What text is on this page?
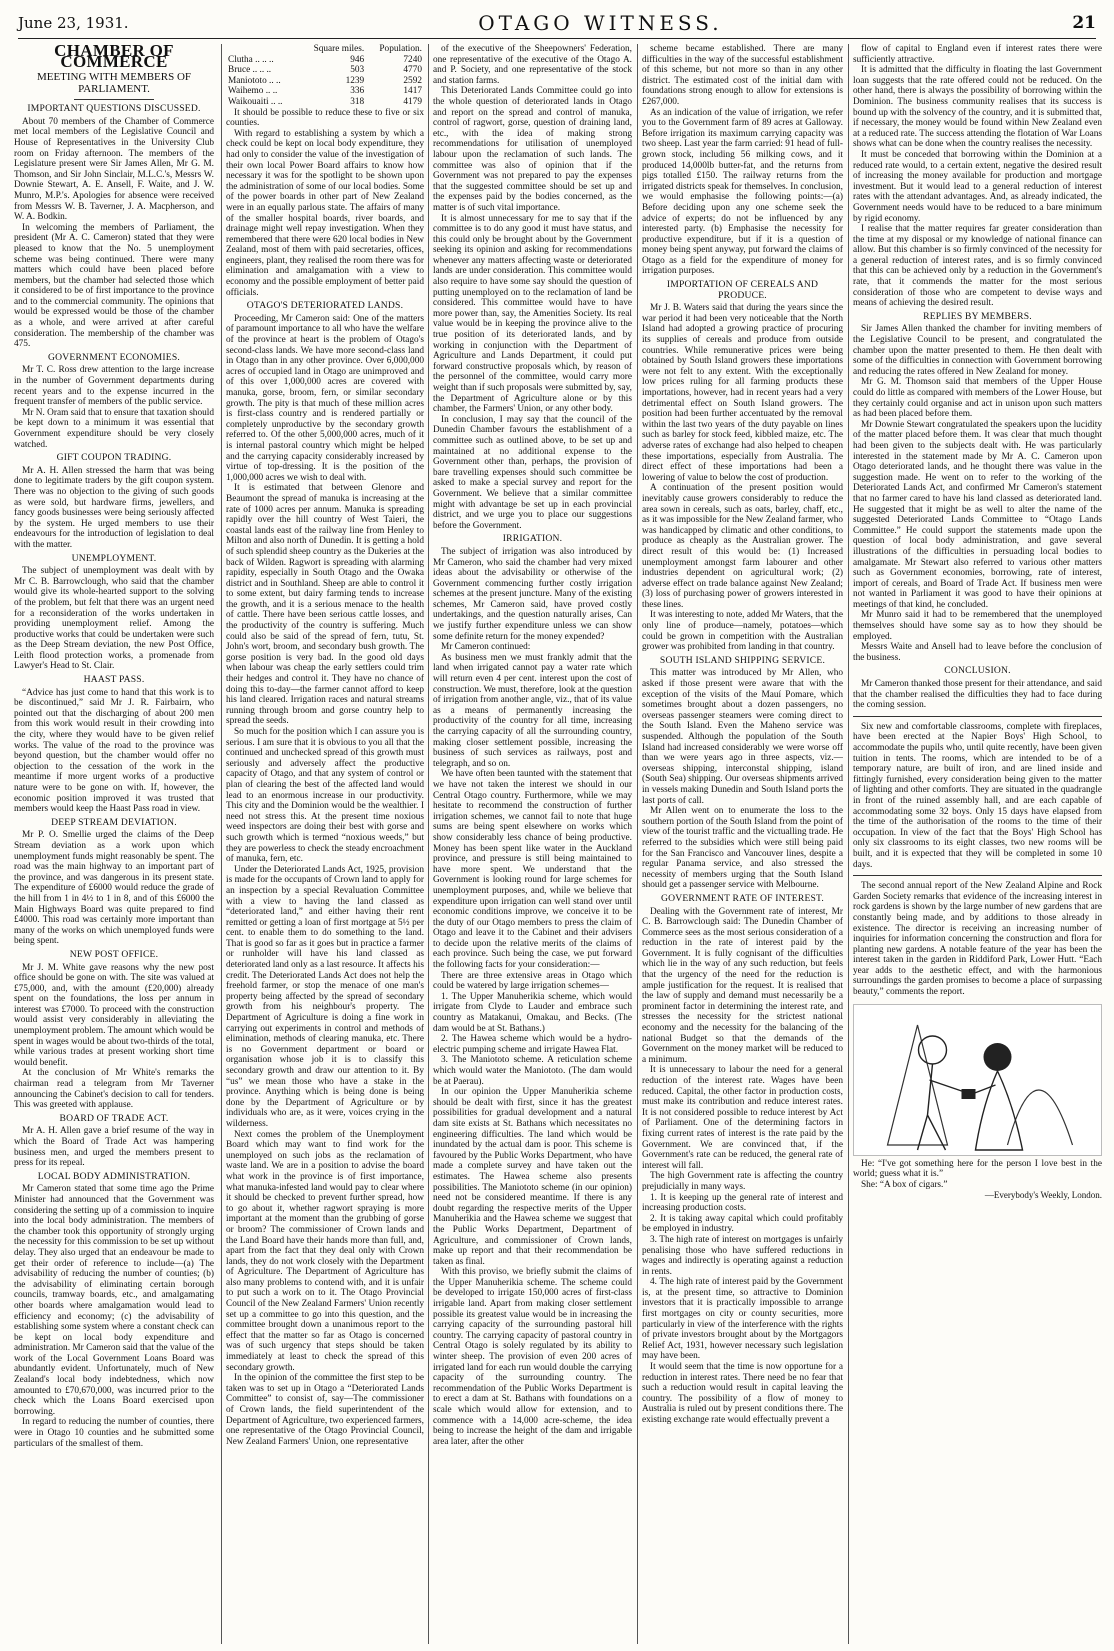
June 23, 1931.	OTAGO WITNESS.	21
CHAMBER OF COMMERCE
MEETING WITH MEMBERS OF PARLIAMENT.
IMPORTANT QUESTIONS DISCUSSED.

About 70 members of the Chamber of Commerce met local members of the Legislative Council and House of Representatives in the University Club room on Friday afternoon. The members of the Legislature present were Sir James Allen, Mr G. M. Thomson, and Sir John Sinclair, M.L.C.'s, Messrs W. Downie Stewart, A. E. Ansell, F. Waite, and J. W. Munro, M.P.'s. Apologies for absence were received from Messrs W. B. Taverner, J. A. Macpherson, and W. A. Bodkin.

In welcoming the members of Parliament, the president (Mr A. C. Cameron) stated that they were pleased to know that the No. 5 unemployment scheme was being continued. There were many matters which could have been placed before members, but the chamber had selected those which it considered to be of first importance to the province and to the commercial community. The opinions that would be expressed would be those of the chamber as a whole, and were arrived at after careful consideration. The membership of the chamber was 475.

GOVERNMENT ECONOMIES.

Mr T. C. Ross drew attention to the large increase in the number of Government departments during recent years and to the expense incurred in the frequent transfer of members of the public service.

Mr N. Oram said that to ensure that taxation should be kept down to a minimum it was essential that Government expenditure should be very closely watched.

GIFT COUPON TRADING.

Mr A. H. Allen stressed the harm that was being done to legitimate traders by the gift coupon system. There was no objection to the giving of such goods as were sold, but hardware firms, jewellers, and fancy goods businesses were being seriously affected by the system. He urged members to use their endeavours for the introduction of legislation to deal with the matter.

UNEMPLOYMENT.

The subject of unemployment was dealt with by Mr C. B. Barrowclough, who said that the chamber would give its whole-hearted support to the solving of the problem, but felt that there was an urgent need for a reconsideration of the works undertaken in providing unemployment relief. Among the productive works that could be undertaken were such as the Deep Stream deviation, the new Post Office, Leith flood protection works, a promenade from Lawyer's Head to St. Clair.

HAAST PASS.

“Advice has just come to hand that this work is to be discontinued,” said Mr J. R. Fairbairn, who pointed out that the discharging of about 200 men from this work would result in their crowding into the city, where they would have to be given relief works. The value of the road to the province was beyond question, but the chamber would offer no objection to the cessation of the work in the meantime if more urgent works of a productive nature were to be gone on with. If, however, the economic position improved it was trusted that members would keep the Haast Pass road in view.

DEEP STREAM DEVIATION.

Mr P. O. Smellie urged the claims of the Deep Stream deviation as a work upon which unemployment funds might reasonably be spent. The road was the main highway to an important part of the province, and was dangerous in its present state. The expenditure of £6000 would reduce the grade of the hill from 1 in 4½ to 1 in 8, and of this £6000 the Main Highways Board was quite prepared to find £4000. This road was certainly more important than many of the works on which unemployed funds were being spent.

NEW POST OFFICE.

Mr J. M. White gave reasons why the new post office should be gone on with. The site was valued at £75,000, and, with the amount (£20,000) already spent on the foundations, the loss per annum in interest was £7000. To proceed with the construction would assist very considerably in alleviating the unemployment problem. The amount which would be spent in wages would be about two-thirds of the total, while various trades at present working short time would benefit.

At the conclusion of Mr White's remarks the chairman read a telegram from Mr Taverner announcing the Cabinet's decision to call for tenders. This was greeted with applause.

BOARD OF TRADE ACT.

Mr A. H. Allen gave a brief resume of the way in which the Board of Trade Act was hampering business men, and urged the members present to press for its repeal.

LOCAL BODY ADMINISTRATION.

Mr Cameron stated that some time ago the Prime Minister had announced that the Government was considering the setting up of a commission to inquire into the local body administration. The members of the chamber took this opportunity of strongly urging the necessity for this commission to be set up without delay. They also urged that an endeavour be made to get their order of reference to include—(a) The advisability of reducing the number of counties; (b) the advisability of eliminating certain borough councils, tramway boards, etc., and amalgamating other boards where amalgamation would lead to efficiency and economy; (c) the advisability of establishing some system where a constant check can be kept on local body expenditure and administration. Mr Cameron said that the value of the work of the Local Government Loans Board was abundantly evident. Unfortunately, much of New Zealand's local body indebtedness, which now amounted to £70,670,000, was incurred prior to the check which the Loans Board exercised upon borrowing.

In regard to reducing the number of counties, there were in Otago 10 counties and he submitted some particulars of the smallest of them.

	Square miles.	Population.
Clutha .. .. ..	946	7240
Bruce .. .. ..	503	4770
Maniototo .. ..	1239	2592
Waihemo .. ..	336	1417
Waikouaiti .. ..	318	4179

It should be possible to reduce these to five or six counties.

With regard to establishing a system by which a check could be kept on local body expenditure, they had only to consider the value of the investigation of their own local Power Board affairs to know how necessary it was for the spotlight to be shown upon the administration of some of our local bodies. Some of the power boards in other part of New Zealand were in an equally parlous state. The affairs of many of the smaller hospital boards, river boards, and drainage might well repay investigation. When they remembered that there were 620 local bodies in New Zealand, most of them with paid secretaries, offices, engineers, plant, they realised the room there was for elimination and amalgamation with a view to economy and the possible employment of better paid officials.

OTAGO'S DETERIORATED LANDS.

Proceeding, Mr Cameron said: One of the matters of paramount importance to all who have the welfare of the province at heart is the problem of Otago's second-class lands. We have more second-class land in Otago than in any other province. Over 6,000,000 acres of occupied land in Otago are unimproved and of this over 1,000,000 acres are covered with manuka, gorse, broom, fern, or similar secondary growth. The pity is that much of these million acres is first-class country and is rendered partially or completely unproductive by the secondary growth referred to. Of the other 5,000,000 acres, much of it is internal pastoral country which might be helped and the carrying capacity considerably increased by virtue of top-dressing. It is the position of the 1,000,000 acres we wish to deal with.

It is estimated that between Glenore and Beaumont the spread of manuka is increasing at the rate of 1000 acres per annum. Manuka is spreading rapidly over the hill country of West Taieri, the coastal lands east of the railway line from Henley to Milton and also north of Dunedin. It is getting a hold of such splendid sheep country as the Dukeries at the back of Wilden. Ragwort is spreading with alarming rapidity, especially in South Otago and the Owaka district and in Southland. Sheep are able to control it to some extent, but dairy farming tends to increase the growth, and it is a serious menace to the health of cattle. There have been serious cattle losses, and the productivity of the country is suffering. Much could also be said of the spread of fern, tutu, St. John's wort, broom, and secondary bush growth. The gorse position is very bad. In the good old days when labour was cheap the early settlers could trim their hedges and control it. They have no chance of doing this to-day—the farmer cannot afford to keep his land cleared. Irrigation races and natural streams running through broom and gorse country help to spread the seeds.

So much for the position which I can assure you is serious. I am sure that it is obvious to you all that the continued and unchecked spread of this growth must seriously and adversely affect the productive capacity of Otago, and that any system of control or plan of clearing the best of the affected land would lead to an enormous increase in our productivity. This city and the Dominion would be the wealthier. I need not stress this. At the present time noxious weed inspectors are doing their best with gorse and such growth which is termed “noxious weeds,” but they are powerless to check the steady encroachment of manuka, fern, etc.

Under the Deteriorated Lands Act, 1925, provision is made for the occupants of Crown land to apply for an inspection by a special Revaluation Committee with a view to having the land classed as “deteriorated land,” and either having their rent remitted or getting a loan of first mortgage at 5½ per cent. to enable them to do something to the land. That is good so far as it goes but in practice a farmer or runholder will have his land classed as deteriorated land only as a last resource. It affects his credit. The Deteriorated Lands Act does not help the freehold farmer, or stop the menace of one man's property being affected by the spread of secondary growth from his neighbour's property. The Department of Agriculture is doing a fine work in carrying out experiments in control and methods of elimination, methods of clearing manuka, etc. There is no Government department or board or organisation whose job it is to classify this secondary growth and draw our attention to it. By “us” we mean those who have a stake in the province. Anything which is being done is being done by the Department of Agriculture or by individuals who are, as it were, voices crying in the wilderness.

Next comes the problem of the Unemployment Board which may want to find work for the unemployed on such jobs as the reclamation of waste land. We are in a position to advise the board what work in the province is of first importance, what manuka-infested land would pay to clear where it should be checked to prevent further spread, how to go about it, whether ragwort spraying is more important at the moment than the grubbing of gorse or broom? The commissioner of Crown lands and the Land Board have their hands more than full, and, apart from the fact that they deal only with Crown lands, they do not work closely with the Department of Agriculture. The Department of Agriculture has also many problems to contend with, and it is unfair to put such a work on to it. The Otago Provincial Council of the New Zealand Farmers' Union recently set up a committee to go into this question, and the committee brought down a unanimous report to the effect that the matter so far as Otago is concerned was of such urgency that steps should be taken immediately at least to check the spread of this secondary growth.

In the opinion of the committee the first step to be taken was to set up in Otago a “Deteriorated Lands Committee” to consist of, say—The commissioner of Crown lands, the field superintendent of the Department of Agriculture, two experienced farmers, one representative of the Otago Provincial Council, New Zealand Farmers' Union, one representative

of the executive of the Sheepowners' Federation, one representative of the executive of the Otago A. and P. Society, and one representative of the stock and station farms.

This Deteriorated Lands Committee could go into the whole question of deteriorated lands in Otago and report on the spread and control of manuka, control of ragwort, gorse, question of draining land, etc., with the idea of making strong recommendations for utilisation of unemployed labour upon the reclamation of such lands. The committee was also of opinion that if the Government was not prepared to pay the expenses that the suggested committee should be set up and the expenses paid by the bodies concerned, as the matter is of such vital importance.

It is almost unnecessary for me to say that if the committee is to do any good it must have status, and this could only be brought about by the Government seeking its opinion and asking for recommendations whenever any matters affecting waste or deteriorated lands are under consideration. This committee would also require to have some say should the question of putting unemployed on to the reclamation of land be considered. This committee would have to have more power than, say, the Amenities Society. Its real value would be in keeping the province alive to the true position of its deteriorated lands, and by working in conjunction with the Department of Agriculture and Lands Department, it could put forward constructive proposals which, by reason of the personnel of the committee, would carry more weight than if such proposals were submitted by, say, the Department of Agriculture alone or by this chamber, the Farmers' Union, or any other body.

In conclusion, I may say that the council of the Dunedin Chamber favours the establishment of a committee such as outlined above, to be set up and maintained at no additional expense to the Government other than, perhaps, the provision of bare travelling expenses should such committee be asked to make a special survey and report for the Government. We believe that a similar committee might with advantage be set up in each provincial district, and we urge you to place our suggestions before the Government.

IRRIGATION.

The subject of irrigation was also introduced by Mr Cameron, who said the chamber had very mixed ideas about the advisability or otherwise of the Government commencing further costly irrigation schemes at the present juncture. Many of the existing schemes, Mr Cameron said, have proved costly undertakings, and the question naturally arises, Can we justify further expenditure unless we can show some definite return for the money expended?

Mr Cameron continued:

As business men we must frankly admit that the land when irrigated cannot pay a water rate which will return even 4 per cent. interest upon the cost of construction. We must, therefore, look at the question of irrigation from another angle, viz., that of its value as a means of permanently increasing the productivity of the country for all time, increasing the carrying capacity of all the surrounding country, making closer settlement possible, increasing the business of such services as railways, post and telegraph, and so on.

We have often been taunted with the statement that we have not taken the interest we should in our Central Otago country. Furthermore, while we may hesitate to recommend the construction of further irrigation schemes, we cannot fail to note that huge sums are being spent elsewhere on works which show considerably less chance of being productive. Money has been spent like water in the Auckland province, and pressure is still being maintained to have more spent. We understand that the Government is looking round for large schemes for unemployment purposes, and, while we believe that expenditure upon irrigation can well stand over until economic conditions improve, we conceive it to be the duty of our Otago members to press the claim of Otago and leave it to the Cabinet and their advisers to decide upon the relative merits of the claims of each province. Such being the case, we put forward the following facts for your consideration:—

There are three extensive areas in Otago which could be watered by large irrigation schemes—

1. The Upper Manuherikia scheme, which would irrigate from Clyde to Lauder and embrace such country as Matakanui, Omakau, and Becks. (The dam would be at St. Bathans.)

2. The Hawea scheme which would be a hydro-electric pumping scheme and irrigate Hawea Flat.

3. The Maniototo scheme. A reticulation scheme which would water the Maniototo. (The dam would be at Paerau).

In our opinion the Upper Manuherikia scheme should be dealt with first, since it has the greatest possibilities for gradual development and a natural dam site exists at St. Bathans which necessitates no engineering difficulties. The land which would be inundated by the actual dam is poor. This scheme is favoured by the Public Works Department, who have made a complete survey and have taken out the estimates. The Hawea scheme also presents possibilities. The Maniototo scheme (in our opinion) need not be considered meantime. If there is any doubt regarding the respective merits of the Upper Manuherikia and the Hawea scheme we suggest that the Public Works Department, Department of Agriculture, and commissioner of Crown lands, make up report and that their recommendation be taken as final.

With this proviso, we briefly submit the claims of the Upper Manuherikia scheme. The scheme could be developed to irrigate 150,000 acres of first-class irrigable land. Apart from making closer settlement possible its greatest value would be in increasing the carrying capacity of the surrounding pastoral hill country. The carrying capacity of pastoral country in Central Otago is solely regulated by its ability to winter sheep. The provision of even 200 acres of irrigated land for each run would double the carrying capacity of the surrounding country. The recommendation of the Public Works Department is to erect a dam at St. Bathans with foundations on a scale which would allow for extension, and to commence with a 14,000 acre-scheme, the idea being to increase the height of the dam and irrigable area later, after the other

scheme became established. There are many difficulties in the way of the successful establishment of this scheme, but not more so than in any other district. The estimated cost of the initial dam with foundations strong enough to allow for extensions is £267,000.

As an indication of the value of irrigation, we refer you to the Government farm of 89 acres at Galloway. Before irrigation its maximum carrying capacity was two sheep. Last year the farm carried: 91 head of full-grown stock, including 56 milking cows, and it produced 14,000lb butter-fat, and the returns from pigs totalled £150. The railway returns from the irrigated districts speak for themselves. In conclusion, we would emphasise the following points:—(a) Before deciding upon any one scheme seek the advice of experts; do not be influenced by any interested party. (b) Emphasise the necessity for productive expenditure, but if it is a question of money being spent anyway, put forward the claims of Otago as a field for the expenditure of money for irrigation purposes.

IMPORTATION OF CEREALS AND PRODUCE.

Mr J. B. Waters said that during the years since the war period it had been very noticeable that the North Island had adopted a growing practice of procuring its supplies of cereals and produce from outside countries. While remunerative prices were being obtained by South Island growers these importations were not felt to any extent. With the exceptionally low prices ruling for all farming products these importations, however, had in recent years had a very detrimental effect on South Island growers. The position had been further accentuated by the removal within the last two years of the duty payable on lines such as barley for stock feed, kibbled maize, etc. The adverse rates of exchange had also helped to cheapen these importations, especially from Australia. The direct effect of these importations had been a lowering of value to below the cost of production.

A continuation of the present position would inevitably cause growers considerably to reduce the area sown in cereals, such as oats, barley, chaff, etc., as it was impossible for the New Zealand farmer, who was handicapped by climatic and other conditions, to produce as cheaply as the Australian grower. The direct result of this would be: (1) Increased unemployment amongst farm labourer and other industries dependent on agricultural work; (2) adverse effect on trade balance against New Zealand; (3) loss of purchasing power of growers interested in these lines.

It was interesting to note, added Mr Waters, that the only line of produce—namely, potatoes—which could be grown in competition with the Australian grower was prohibited from landing in that country.

SOUTH ISLAND SHIPPING SERVICE.

This matter was introduced by Mr Allen, who asked if those present were aware that with the exception of the visits of the Mauí Pomare, which sometimes brought about a dozen passengers, no overseas passenger steamers were coming direct to the South Island. Even the Maheno service was suspended. Although the population of the South Island had increased considerably we were worse off than we were years ago in three aspects, viz.—overseas shipping, interconstal shipping, island (South Sea) shipping. Our overseas shipments arrived in vessels making Dunedin and South Island ports the last ports of call.

Mr Allen went on to enumerate the loss to the southern portion of the South Island from the point of view of the tourist traffic and the victualling trade. He referred to the subsidies which were still being paid for the San Francisco and Vancouver lines, despite a regular Panama service, and also stressed the necessity of members urging that the South Island should get a passenger service with Melbourne.

GOVERNMENT RATE OF INTEREST.

Dealing with the Government rate of interest, Mr C. B. Barrowclough said: The Dunedin Chamber of Commerce sees as the most serious consideration of a reduction in the rate of interest paid by the Government. It is fully cognisant of the difficulties which lie in the way of any such reduction, but feels that the urgency of the need for the reduction is ample justification for the request. It is realised that the law of supply and demand must necessarily be a prominent factor in determining the interest rate, and stresses the necessity for the strictest national economy and the necessity for the balancing of the national Budget so that the demands of the Government on the money market will be reduced to a minimum.

It is unnecessary to labour the need for a general reduction of the interest rate. Wages have been reduced. Capital, the other factor in production costs, must make its contribution and reduce interest rates. It is not considered possible to reduce interest by Act of Parliament. One of the determining factors in fixing current rates of interest is the rate paid by the Government. We are convinced that, if the Government's rate can be reduced, the general rate of interest will fall.

The high Government rate is affecting the country prejudicially in many ways.

1. It is keeping up the general rate of interest and increasing production costs.

2. It is taking away capital which could profitably be employed in industry.

3. The high rate of interest on mortgages is unfairly penalising those who have suffered reductions in wages and indirectly is operating against a reduction in rents.

4. The high rate of interest paid by the Government is, at the present time, so attractive to Dominion investors that it is practically impossible to arrange first mortgages on city or county securities, more particularly in view of the interference with the rights of private investors brought about by the Mortgagors Relief Act, 1931, however necessary such legislation may have been.

It would seem that the time is now opportune for a reduction in interest rates. There need be no fear that such a reduction would result in capital leaving the country. The possibility of a flow of money to Australia is ruled out by present conditions there. The existing exchange rate would effectually prevent a

flow of capital to England even if interest rates there were sufficiently attractive.

It is admitted that the difficulty in floating the last Government loan suggests that the rate offered could not be reduced. On the other hand, there is always the possibility of borrowing within the Dominion. The business community realises that its success is bound up with the solvency of the country, and it is submitted that, if necessary, the money would be found within New Zealand even at a reduced rate. The success attending the flotation of War Loans shows what can be done when the country realises the necessity.

It must be conceded that borrowing within the Dominion at a reduced rate would, to a certain extent, negative the desired result of increasing the money available for production and mortgage investment. But it would lead to a general reduction of interest rates with the attendant advantages. And, as already indicated, the Government needs would have to be reduced to a bare minimum by rigid economy.

I realise that the matter requires far greater consideration than the time at my disposal or my knowledge of national finance can allow. But this chamber is so firmly convinced of the necessity for a general reduction of interest rates, and is so firmly convinced that this can be achieved only by a reduction in the Government's rate, that it commends the matter for the most serious consideration of those who are competent to devise ways and means of achieving the desired result.

REPLIES BY MEMBERS.

Sir James Allen thanked the chamber for inviting members of the Legislative Council to be present, and congratulated the chamber upon the matter presented to them. He then dealt with some of the difficulties in connection with Government borrowing and reducing the rates offered in New Zealand for money.

Mr G. M. Thomson said that members of the Upper House could do little as compared with members of the Lower House, but they certainly could organise and act in unison upon such matters as had been placed before them.

Mr Downie Stewart congratulated the speakers upon the lucidity of the matter placed before them. It was clear that much thought had been given to the subjects dealt with. He was particularly interested in the statement made by Mr A. C. Cameron upon Otago deteriorated lands, and he thought there was value in the suggestion made. He went on to refer to the working of the Deteriorated Lands Act, and confirmed Mr Cameron's statement that no farmer cared to have his land classed as deteriorated land. He suggested that it might be as well to alter the name of the suggested Deteriorated Lands Committee to “Otago Lands Committee.” He could support the statements made upon the question of local body administration, and gave several illustrations of the difficulties in persuading local bodies to amalgamate. Mr Stewart also referred to various other matters such as Government economies, borrowing, rate of interest, import of cereals, and Board of Trade Act. If business men were not wanted in Parliament it was good to have their opinions at meetings of that kind, he concluded.

Mr Munro said it had to be remembered that the unemployed themselves should have some say as to how they should be employed.

Messrs Waite and Ansell had to leave before the conclusion of the business.

CONCLUSION.

Mr Cameron thanked those present for their attendance, and said that the chamber realised the difficulties they had to face during the coming session.

Six new and comfortable classrooms, complete with fireplaces, have been erected at the Napier Boys' High School, to accommodate the pupils who, until quite recently, have been given tuition in tents. The rooms, which are intended to be of a temporary nature, are built of iron, and are lined inside and fittingly furnished, every consideration being given to the matter of lighting and other comforts. They are situated in the quadrangle in front of the ruined assembly hall, and are each capable of accommodating some 32 boys. Only 15 days have elapsed from the time of the authorisation of the rooms to the time of their occupation. In view of the fact that the Boys' High School has only six classrooms to its eight classes, two new rooms will be built, and it is expected that they will be completed in some 10 days.

The second annual report of the New Zealand Alpine and Rock Garden Society remarks that evidence of the increasing interest in rock gardens is shown by the large number of new gardens that are constantly being made, and by additions to those already in existence. The director is receiving an increasing number of inquiries for information concerning the construction and flora for planting new gardens. A notable feature of the year has been the interest taken in the garden in Riddiford Park, Lower Hutt. “Each year adds to the aesthetic effect, and with the harmonious surroundings the garden promises to become a place of surpassing beauty,” comments the report.

He: “I've got something here for the person I love best in the world; guess what it is.”

She: “A box of cigars.”

—Everybody's Weekly, London.
